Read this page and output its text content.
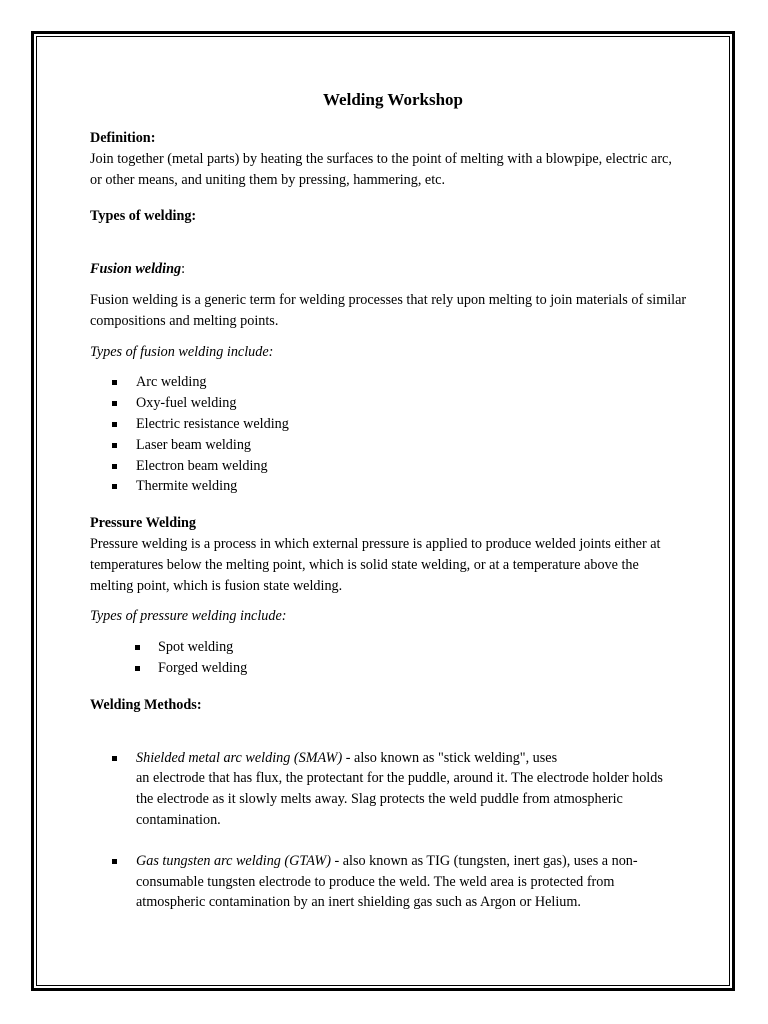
Welding Workshop

Definition:

Join together (metal parts) by heating the surfaces to the point of melting with a blowpipe, electric arc, or other means, and uniting them by pressing, hammering, etc.

Types of welding:

Fusion welding:

Fusion welding is a generic term for welding processes that rely upon melting to join materials of similar compositions and melting points.

Types of fusion welding include:

Arc welding
Oxy-fuel welding
Electric resistance welding
Laser beam welding
Electron beam welding
Thermite welding

Pressure Welding

Pressure welding is a process in which external pressure is applied to produce welded joints either at temperatures below the melting point, which is solid state welding, or at a temperature above the melting point, which is fusion state welding.

Types of pressure welding include:

Spot welding
Forged welding

Welding Methods:

Shielded metal arc welding (SMAW) - also known as "stick welding", uses
an electrode that has flux, the protectant for the puddle, around it. The electrode holder holds the electrode as it slowly melts away. Slag protects the weld puddle from atmospheric contamination.
Gas tungsten arc welding (GTAW) - also known as TIG (tungsten, inert gas), uses a non-consumable tungsten electrode to produce the weld. The weld area is protected from atmospheric contamination by an inert shielding gas such as Argon or Helium.
